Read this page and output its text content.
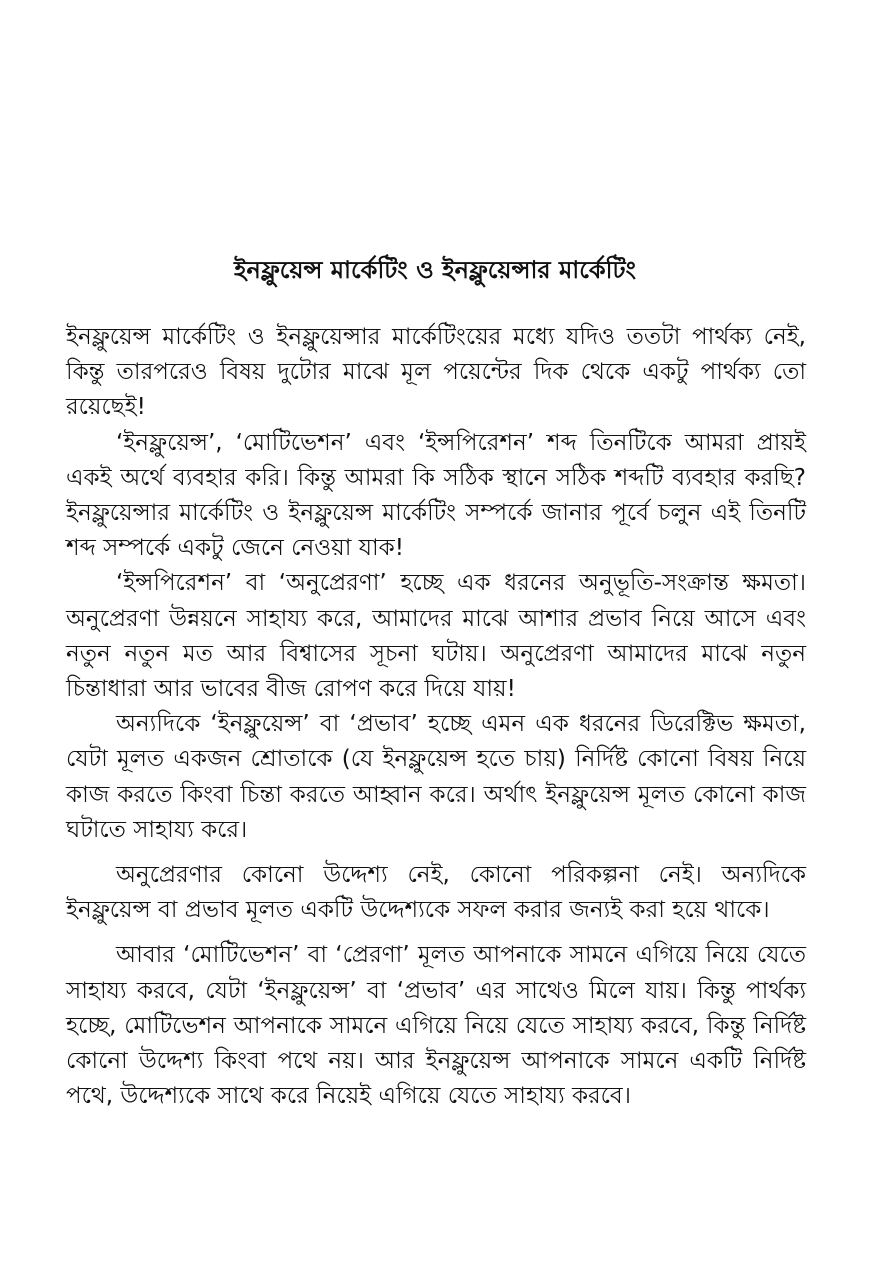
ইনফ্লুয়েন্স মার্কেটিং ও ইনফ্লুয়েন্সার মার্কেটিং

ইনফ্লুয়েন্স মার্কেটিং ও ইনফ্লুয়েন্সার মার্কেটিংয়ের মধ্যে যদিও ততটা পার্থক্য নেই, কিন্তু তারপরেও বিষয় দুটোর মাঝে মূল পয়েন্টের দিক থেকে একটু পার্থক্য তো রয়েছেই!

‘ইনফ্লুয়েন্স’, ‘মোটিভেশন’ এবং ‘ইন্সপিরেশন’ শব্দ তিনটিকে আমরা প্রায়ই একই অর্থে ব্যবহার করি। কিন্তু আমরা কি সঠিক স্থানে সঠিক শব্দটি ব্যবহার করছি? ইনফ্লুয়েন্সার মার্কেটিং ও ইনফ্লুয়েন্স মার্কেটিং সম্পর্কে জানার পূর্বে চলুন এই তিনটি শব্দ সম্পর্কে একটু জেনে নেওয়া যাক!

‘ইন্সপিরেশন’ বা ‘অনুপ্রেরণা’ হচ্ছে এক ধরনের অনুভূতি-সংক্রান্ত ক্ষমতা। অনুপ্রেরণা উন্নয়নে সাহায্য করে, আমাদের মাঝে আশার প্রভাব নিয়ে আসে এবং নতুন নতুন মত আর বিশ্বাসের সূচনা ঘটায়। অনুপ্রেরণা আমাদের মাঝে নতুন চিন্তাধারা আর ভাবের বীজ রোপণ করে দিয়ে যায়!

অন্যদিকে ‘ইনফ্লুয়েন্স’ বা ‘প্রভাব’ হচ্ছে এমন এক ধরনের ডিরেক্টিভ ক্ষমতা, যেটা মূলত একজন শ্রোতাকে (যে ইনফ্লুয়েন্স হতে চায়) নির্দিষ্ট কোনো বিষয় নিয়ে কাজ করতে কিংবা চিন্তা করতে আহ্বান করে। অর্থাৎ ইনফ্লুয়েন্স মূলত কোনো কাজ ঘটাতে সাহায্য করে।

অনুপ্রেরণার কোনো উদ্দেশ্য নেই, কোনো পরিকল্পনা নেই। অন্যদিকে ইনফ্লুয়েন্স বা প্রভাব মূলত একটি উদ্দেশ্যকে সফল করার জন্যই করা হয়ে থাকে।

আবার ‘মোটিভেশন’ বা ‘প্রেরণা’ মূলত আপনাকে সামনে এগিয়ে নিয়ে যেতে সাহায্য করবে, যেটা ‘ইনফ্লুয়েন্স’ বা ‘প্রভাব’ এর সাথেও মিলে যায়। কিন্তু পার্থক্য হচ্ছে, মোটিভেশন আপনাকে সামনে এগিয়ে নিয়ে যেতে সাহায্য করবে, কিন্তু নির্দিষ্ট কোনো উদ্দেশ্য কিংবা পথে নয়। আর ইনফ্লুয়েন্স আপনাকে সামনে একটি নির্দিষ্ট পথে, উদ্দেশ্যকে সাথে করে নিয়েই এগিয়ে যেতে সাহায্য করবে।
